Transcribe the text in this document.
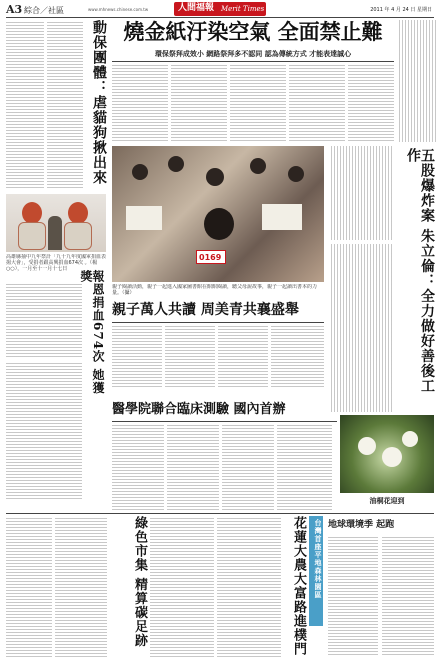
A3 綜合／社區	www.mhnews.chinese.com.tw	人間福報 Merit Times	2011 年 4 月 24 日 星期日
動保團體：虐貓狗揪出來
高雄縣抽中九年祭計「九十九年度國軍捐血表揚大會」，受捐者跟高興捐血674次 。（楊○○），一月至十一月十七日
報恩捐血674次 她獲獎
燒金紙汙染空氣 全面禁止難
環保祭拜成效小 網路祭拜多不認同 認為傳統方式 才能表達誠心
0169
親子閱讀活動，親子一起進入國家圖書館在館館閱讀，聽父母說故事，親子一起讀出書本的力量。（攝）
親子萬人共讀 周美青共襄盛舉
醫學院聯合臨床測驗 國內首辦
五股爆炸案 朱立倫：全力做好善後工作
油桐花迎到
綠色市集 精算碳足跡	花蓮大農大富路進樸門	台灣首座平地森林園區 地球環境季 起跑
